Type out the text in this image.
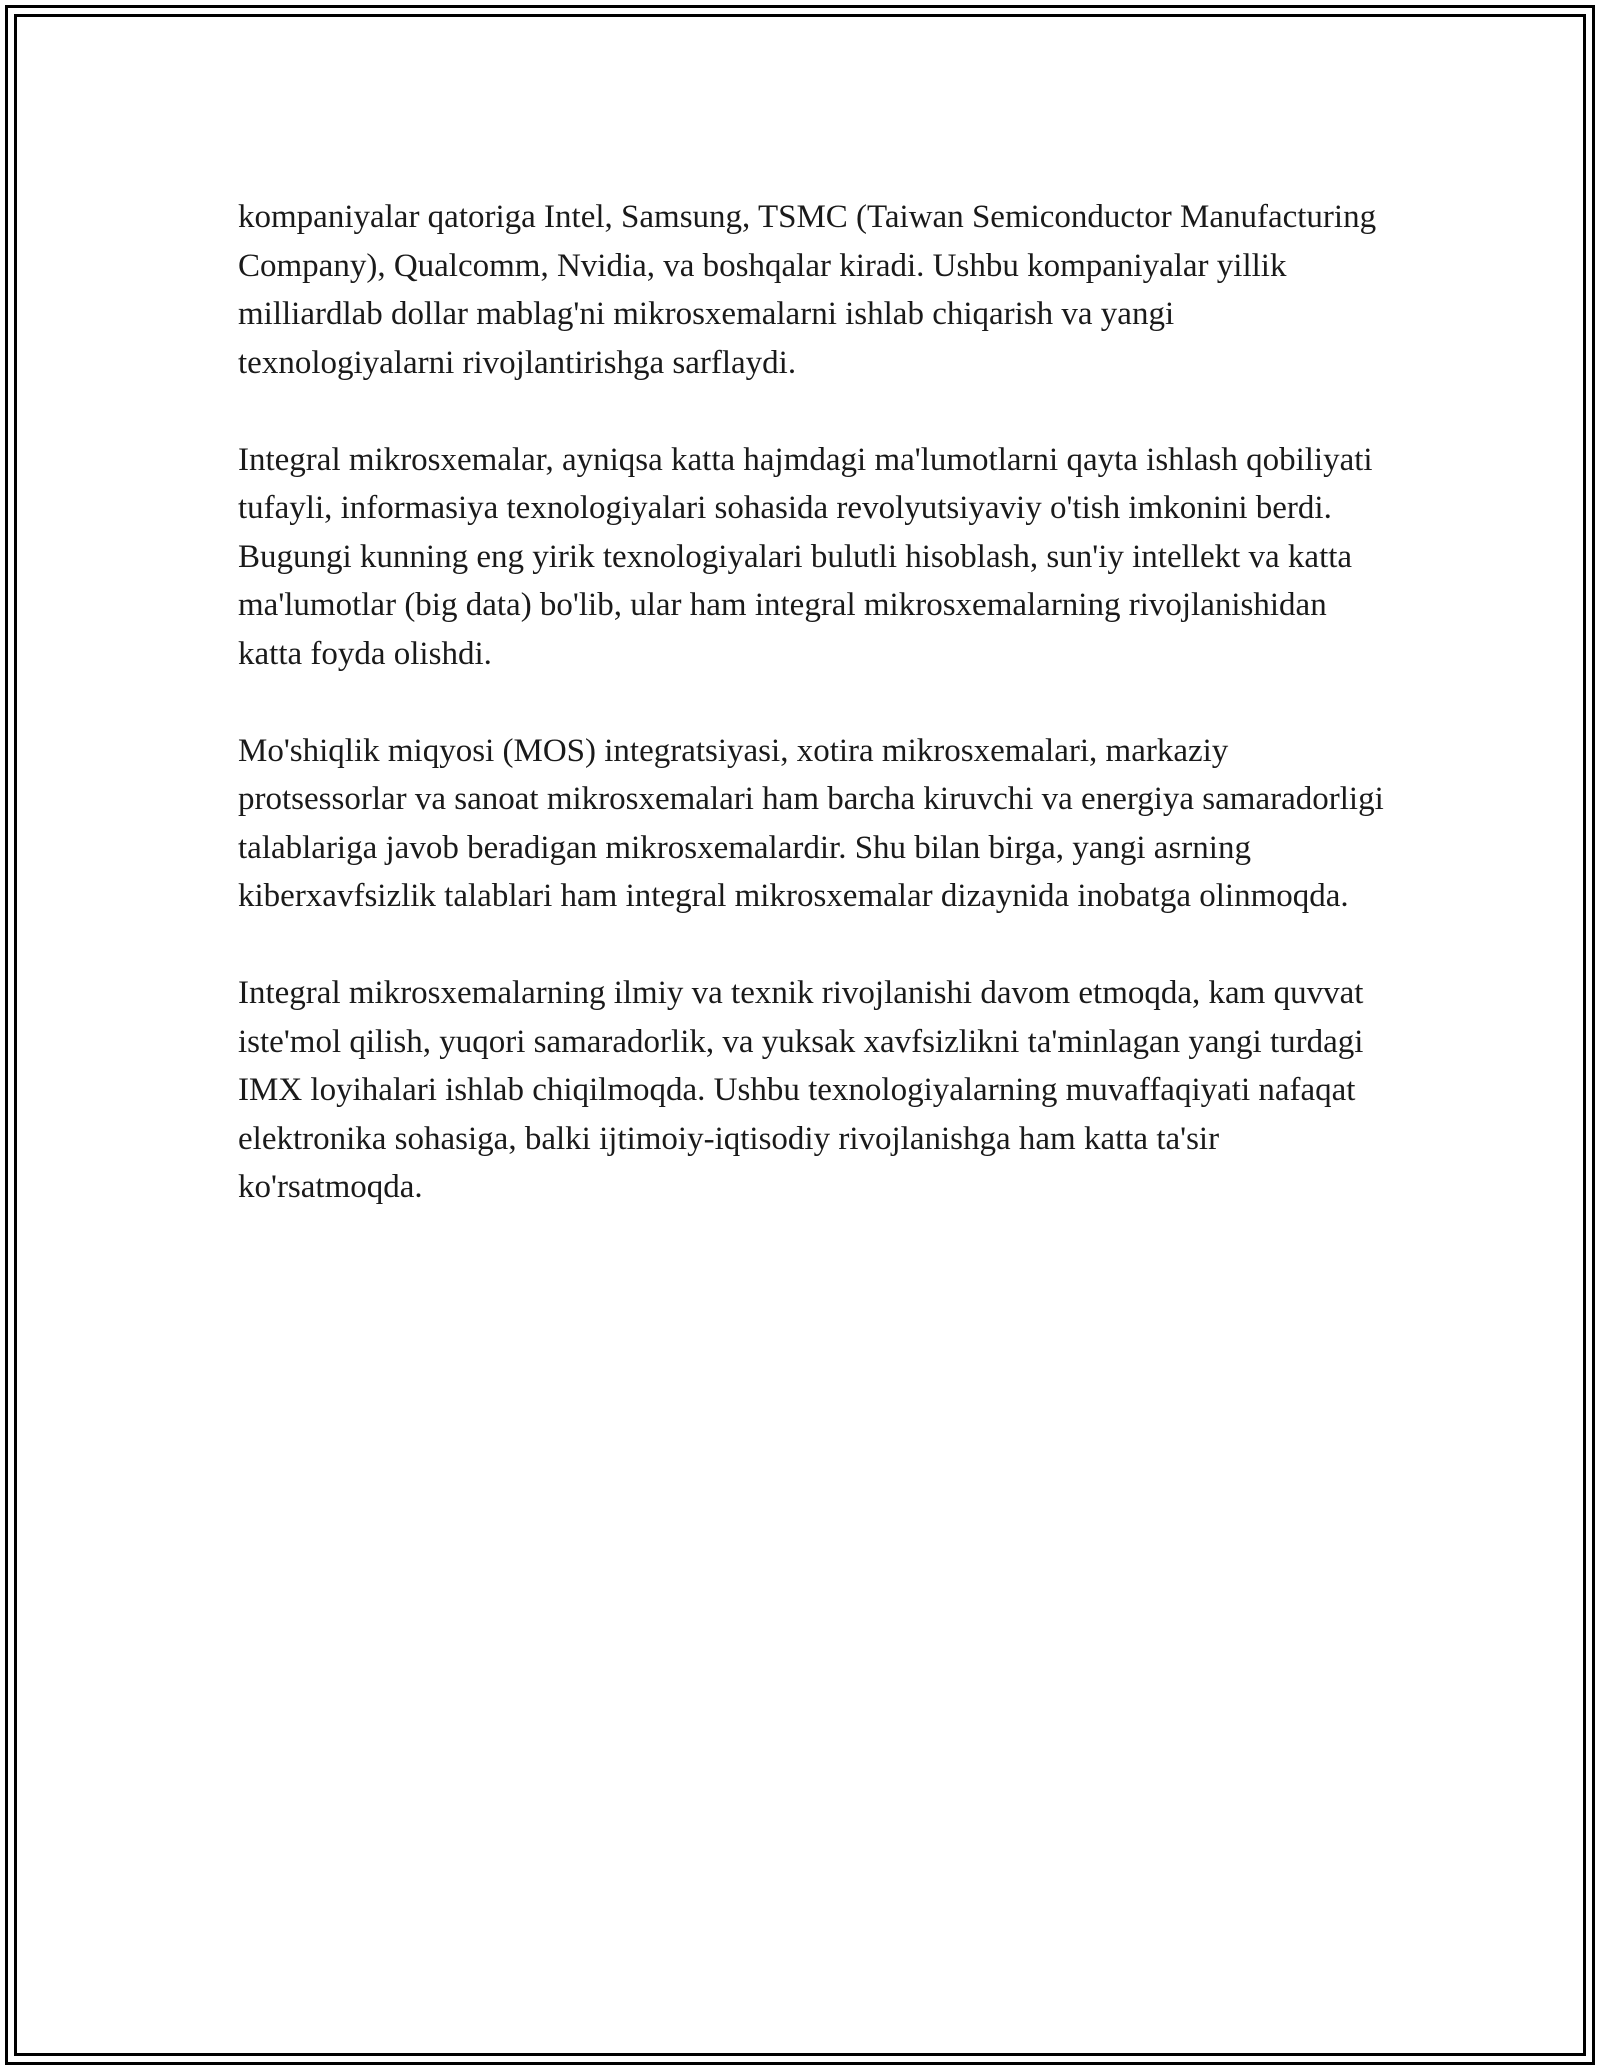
kompaniyalar qatoriga Intel, Samsung, TSMC (Taiwan Semiconductor Manufacturing Company), Qualcomm, Nvidia, va boshqalar kiradi. Ushbu kompaniyalar yillik milliardlab dollar mablag'ni mikrosxemalarni ishlab chiqarish va yangi texnologiyalarni rivojlantirishga sarflaydi.

Integral mikrosxemalar, ayniqsa katta hajmdagi ma'lumotlarni qayta ishlash qobiliyati tufayli, informasiya texnologiyalari sohasida revolyutsiyaviy o'tish imkonini berdi. Bugungi kunning eng yirik texnologiyalari bulutli hisoblash, sun'iy intellekt va katta ma'lumotlar (big data) bo'lib, ular ham integral mikrosxemalarning rivojlanishidan katta foyda olishdi.

Mo'shiqlik miqyosi (MOS) integratsiyasi, xotira mikrosxemalari, markaziy protsessorlar va sanoat mikrosxemalari ham barcha kiruvchi va energiya samaradorligi talablariga javob beradigan mikrosxemalardir. Shu bilan birga, yangi asrning kiberxavfsizlik talablari ham integral mikrosxemalar dizaynida inobatga olinmoqda.

Integral mikrosxemalarning ilmiy va texnik rivojlanishi davom etmoqda, kam quvvat iste'mol qilish, yuqori samaradorlik, va yuksak xavfsizlikni ta'minlagan yangi turdagi IMX loyihalari ishlab chiqilmoqda. Ushbu texnologiyalarning muvaffaqiyati nafaqat elektronika sohasiga, balki ijtimoiy-iqtisodiy rivojlanishga ham katta ta'sir ko'rsatmoqda.
